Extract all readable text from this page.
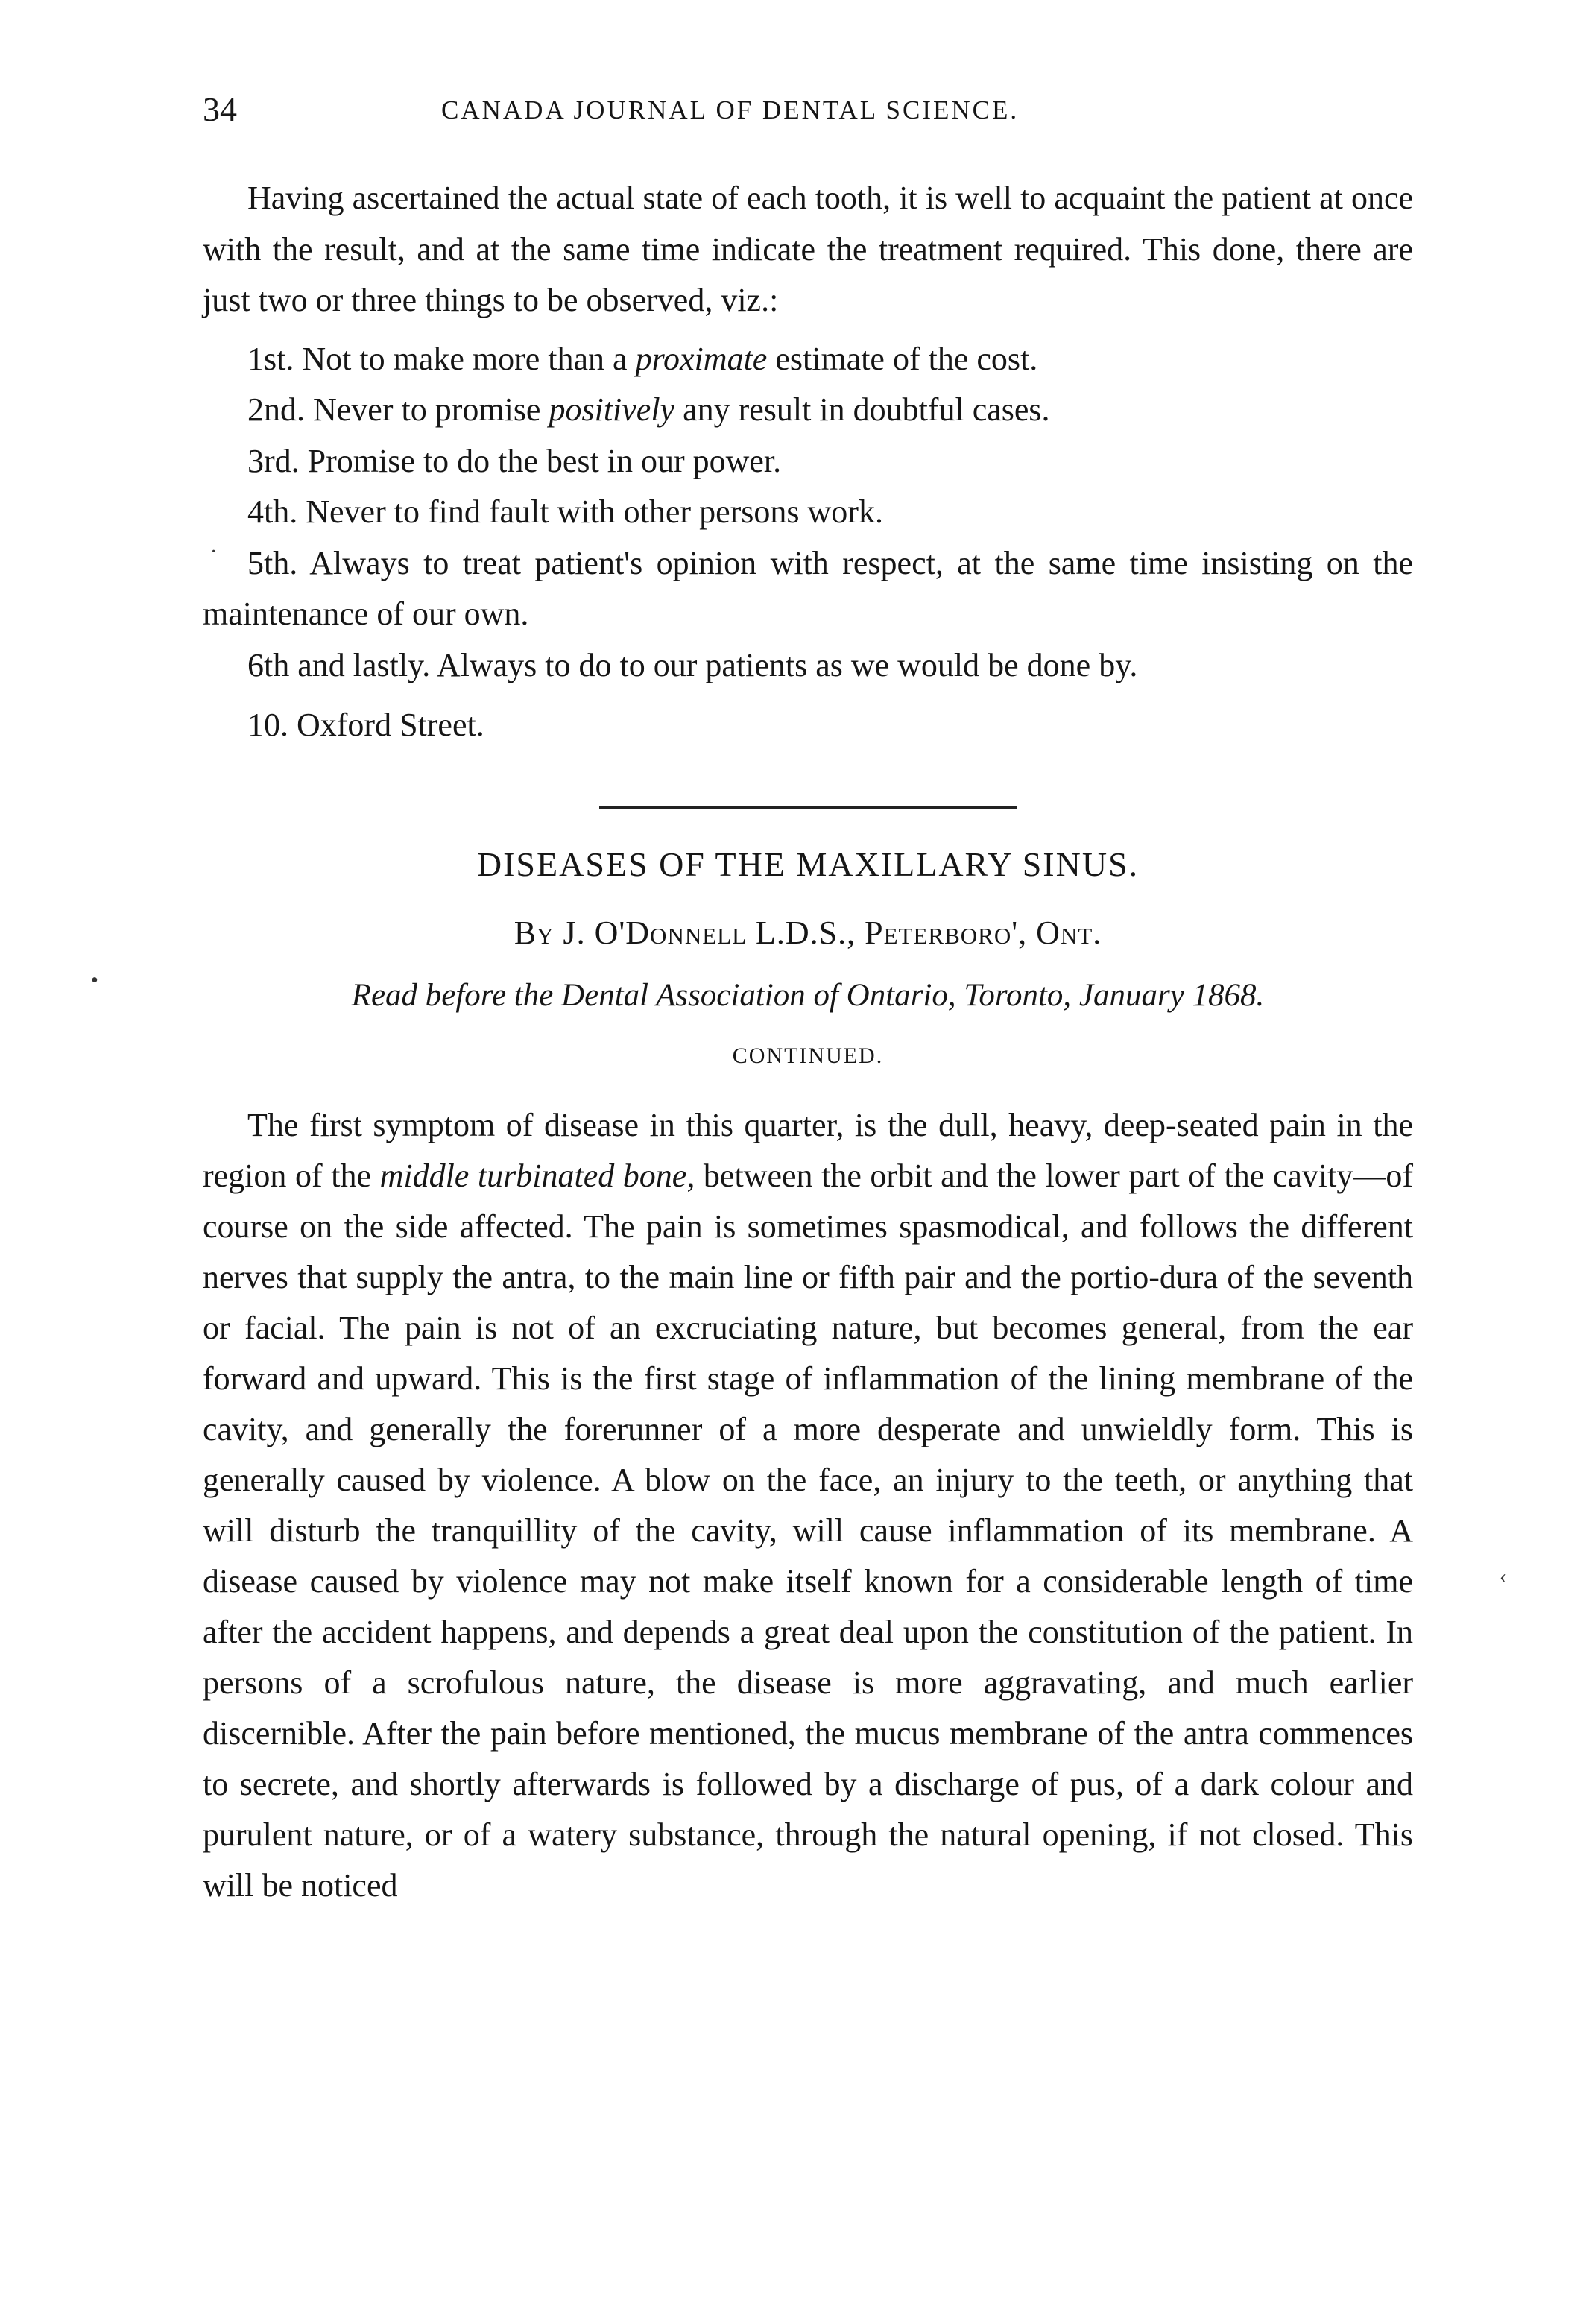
34	CANADA JOURNAL OF DENTAL SCIENCE.

Having ascertained the actual state of each tooth, it is well to acquaint the patient at once with the result, and at the same time indicate the treatment required. This done, there are just two or three things to be observed, viz.:

1st. Not to make more than a proximate estimate of the cost.

2nd. Never to promise positively any result in doubtful cases.

3rd. Promise to do the best in our power.

4th. Never to find fault with other persons work.

5th. Always to treat patient's opinion with respect, at the same time insisting on the maintenance of our own.

6th and lastly. Always to do to our patients as we would be done by.

10. Oxford Street.

DISEASES OF THE MAXILLARY SINUS.
By J. O'Donnell L.D.S., Peterboro', Ont.
Read before the Dental Association of Ontario, Toronto, January 1868.
CONTINUED.

The first symptom of disease in this quarter, is the dull, heavy, deep-seated pain in the region of the middle turbinated bone, between the orbit and the lower part of the cavity—of course on the side affected. The pain is sometimes spasmodical, and follows the different nerves that supply the antra, to the main line or fifth pair and the portio-dura of the seventh or facial. The pain is not of an excruciating nature, but becomes general, from the ear forward and upward. This is the first stage of inflammation of the lining membrane of the cavity, and generally the forerunner of a more desperate and unwieldly form. This is generally caused by violence. A blow on the face, an injury to the teeth, or anything that will disturb the tranquillity of the cavity, will cause inflammation of its membrane. A disease caused by violence may not make itself known for a considerable length of time after the accident happens, and depends a great deal upon the constitution of the patient. In persons of a scrofulous nature, the disease is more aggravating, and much earlier discernible. After the pain before mentioned, the mucus membrane of the antra commences to secrete, and shortly afterwards is followed by a discharge of pus, of a dark colour and purulent nature, or of a watery substance, through the natural opening, if not closed. This will be noticed

·
•
‹
